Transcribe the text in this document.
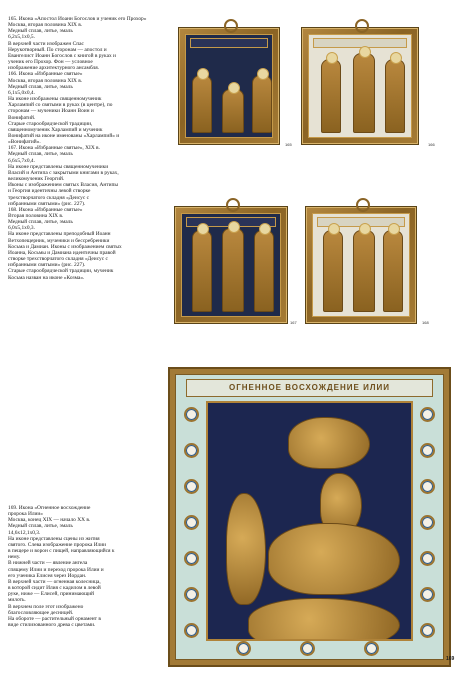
165. Икона «Апостол Иоанн Богослов и ученик его Прохор»

Москва, вторая половина XIX в.

Медный сплав, литье, эмаль

6,2х5,1х0,5.

В верхней части изображен Спас

Нерукотворный. По сторонам — апостол и

Евангелист Иоанн Богослов с книгой в руках и

ученик его Прохор. Фон — условное

изображение архитектурного ансамбля.

166. Икона «Избранные святые»

Москва, вторая половина XIX в.

Медный сплав, литье, эмаль

6,1х5,0х0,4.

На иконе изображены священномученик

Харлампий со святыми в руках (в центре), по

сторонам — мученики Иоанн Воин и

Вонифатий.

Старые старообрядческой традиции,

священномученик Харлампий и мученик

Вонифатий на иконе именованы «Харлампий» и

«Вонифатий».

167. Икона «Избранные святые», XIX в.

Медный сплав, литье, эмаль

6,6х5,7х0,4.

На иконе представлены священномученики

Власий и Антипа с закрытыми книгами в руках,

великомученик Георгий.

Иконы с изображением святых Власия, Антипы

и Георгия идентичны левой створке

трехстворчатого складня «Деисус с

избранными святыми» (рис. 227).

168. Икона «Избранные святые»

Вторая половина XIX в.

Медный сплав, литье, эмаль

6,0х5,1х0,3.

На иконе представлены преподобный Иоанн

Ветхопещерник, мученики и бессребреники

Косьма и Дамиан. Иконы с изображением святых

Иоанна, Косьмы и Дамиана идентичны правой

створке трехстворчатого складня «Деисус с

избранными святыми» (рис. 227).

Старые старообрядческой традиции, мученик

Косьма назван на иконе «Козма».

165	166
167	168
ОГНЕННОЕ ВОСХОЖДЕНИЕ ИЛИИ
169

169. Икона «Огненное восхождение

пророка Илии»

Москва, конец XIX — начало XX в.

Медный сплав, литье, эмаль

14,6х12,1х0,3.

На иконе представлены сцены из жития

святого. Слева изображение пророка Илии

в пещере и ворон с пищей, направляющийся к

нему.

В нижней части — явление ангела

спящему Илии и переход пророка Илии и

его ученика Елисея через Иордан.

В верхней части — огненная колесница,

в которой сидит Илия с кадилом в левой

руке, ниже — Елисей, принимающий

милоть.

В верхнем поле этот изображено

благословляющее десницей.

На обороте — растительный орнамент в

виде стилизованного древа с цветами.
